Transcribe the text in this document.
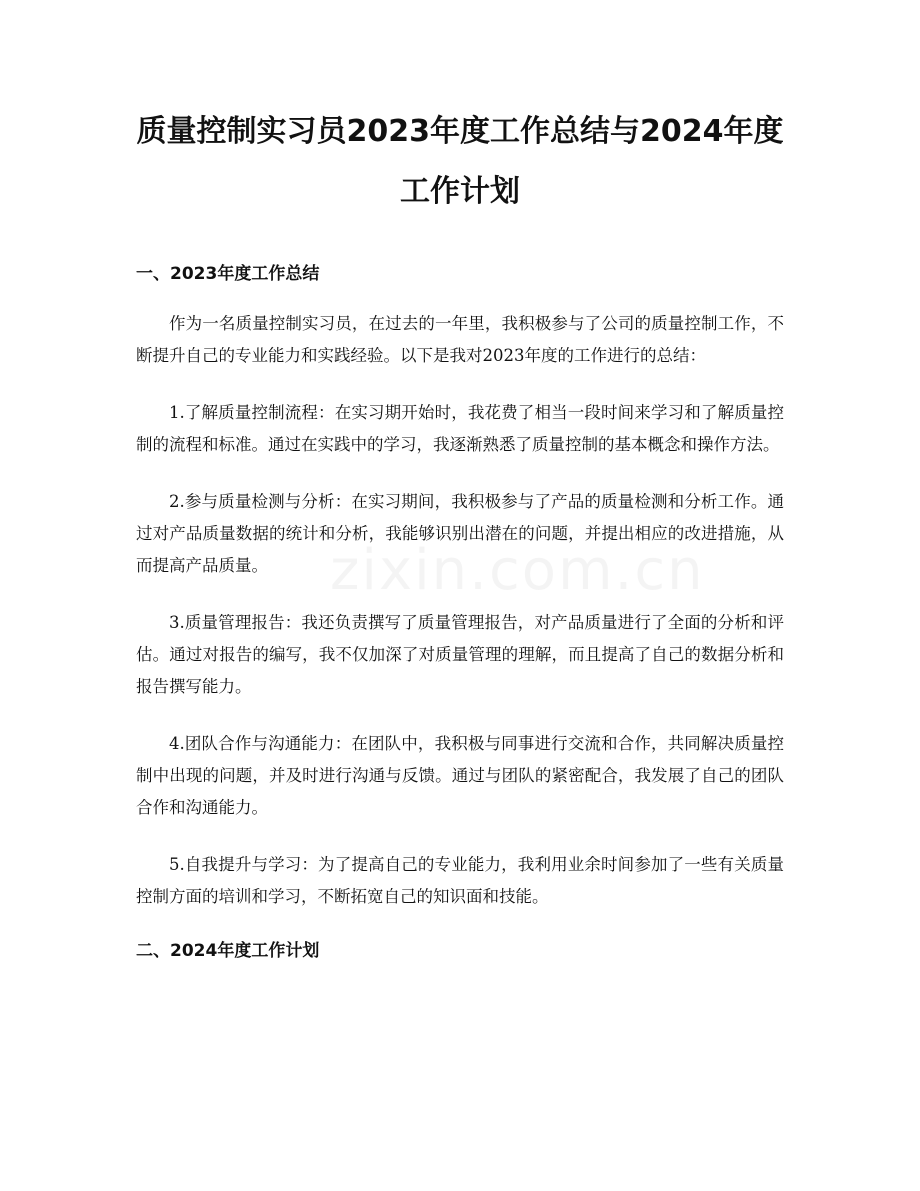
质量控制实习员2023年度工作总结与2024年度工作计划
一、2023年度工作总结

作为一名质量控制实习员，在过去的一年里，我积极参与了公司的质量控制工作，不断提升自己的专业能力和实践经验。以下是我对2023年度的工作进行的总结：

1.了解质量控制流程：在实习期开始时，我花费了相当一段时间来学习和了解质量控制的流程和标准。通过在实践中的学习，我逐渐熟悉了质量控制的基本概念和操作方法。

2.参与质量检测与分析：在实习期间，我积极参与了产品的质量检测和分析工作。通过对产品质量数据的统计和分析，我能够识别出潜在的问题，并提出相应的改进措施，从而提高产品质量。

3.质量管理报告：我还负责撰写了质量管理报告，对产品质量进行了全面的分析和评估。通过对报告的编写，我不仅加深了对质量管理的理解，而且提高了自己的数据分析和报告撰写能力。

4.团队合作与沟通能力：在团队中，我积极与同事进行交流和合作，共同解决质量控制中出现的问题，并及时进行沟通与反馈。通过与团队的紧密配合，我发展了自己的团队合作和沟通能力。

5.自我提升与学习：为了提高自己的专业能力，我利用业余时间参加了一些有关质量控制方面的培训和学习，不断拓宽自己的知识面和技能。

二、2024年度工作计划
